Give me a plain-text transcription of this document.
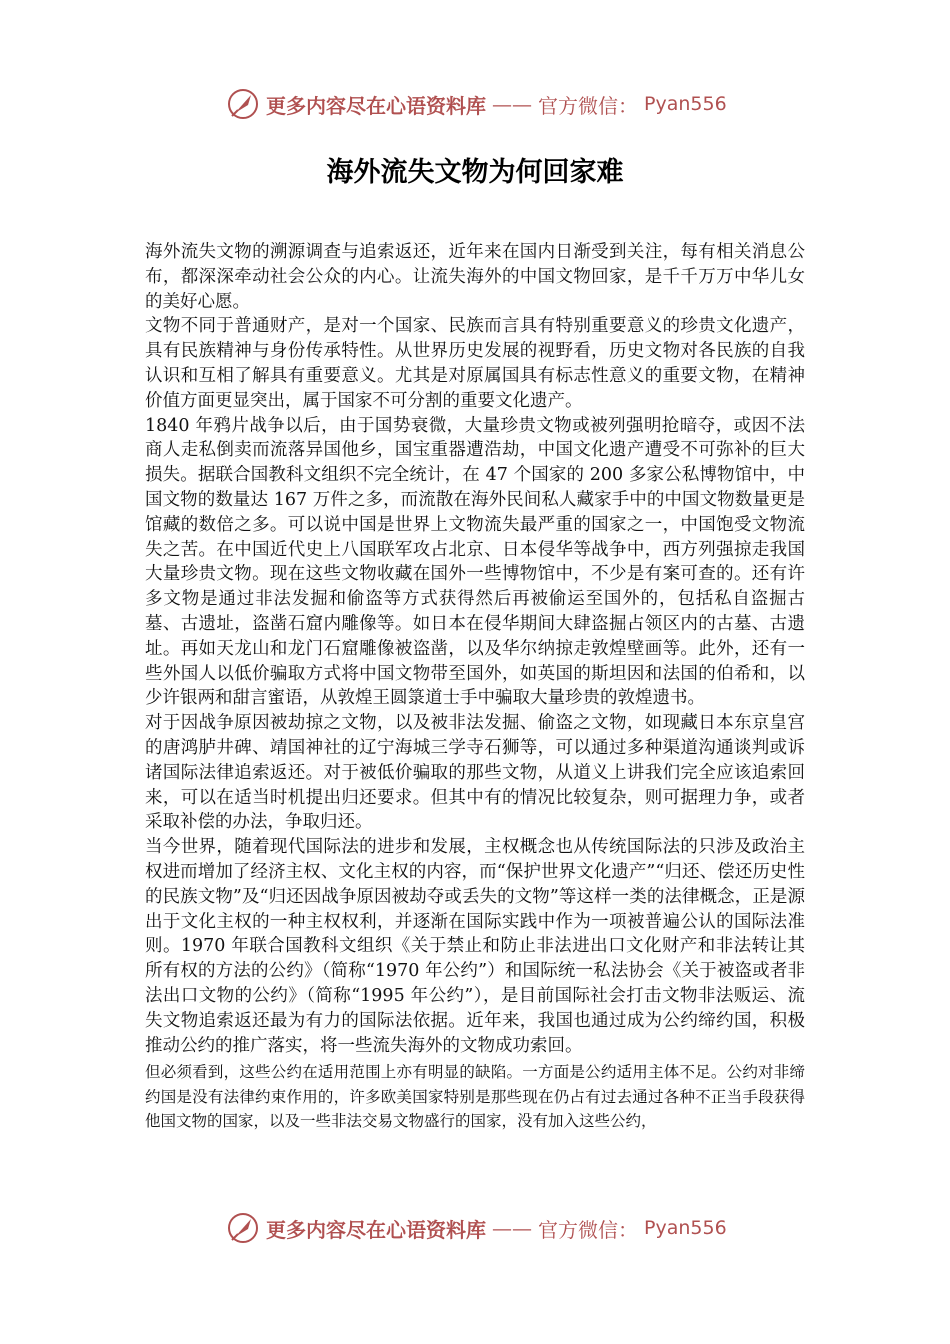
更多内容尽在心语资料库 —— 官方微信： Pyan556
海外流失文物为何回家难

海外流失文物的溯源调查与追索返还，近年来在国内日渐受到关注，每有相关消息公布，都深深牵动社会公众的内心。让流失海外的中国文物回家，是千千万万中华儿女的美好心愿。

文物不同于普通财产，是对一个国家、民族而言具有特别重要意义的珍贵文化遗产，具有民族精神与身份传承特性。从世界历史发展的视野看，历史文物对各民族的自我认识和互相了解具有重要意义。尤其是对原属国具有标志性意义的重要文物，在精神价值方面更显突出，属于国家不可分割的重要文化遗产。

1840 年鸦片战争以后，由于国势衰微，大量珍贵文物或被列强明抢暗夺，或因不法商人走私倒卖而流落异国他乡，国宝重器遭浩劫，中国文化遗产遭受不可弥补的巨大损失。据联合国教科文组织不完全统计，在 47 个国家的 200 多家公私博物馆中，中国文物的数量达 167 万件之多，而流散在海外民间私人藏家手中的中国文物数量更是馆藏的数倍之多。可以说中国是世界上文物流失最严重的国家之一，中国饱受文物流失之苦。在中国近代史上八国联军攻占北京、日本侵华等战争中，西方列强掠走我国大量珍贵文物。现在这些文物收藏在国外一些博物馆中，不少是有案可查的。还有许多文物是通过非法发掘和偷盗等方式获得然后再被偷运至国外的，包括私自盗掘古墓、古遗址，盗凿石窟内雕像等。如日本在侵华期间大肆盗掘占领区内的古墓、古遗址。再如天龙山和龙门石窟雕像被盗凿，以及华尔纳掠走敦煌壁画等。此外，还有一些外国人以低价骗取方式将中国文物带至国外，如英国的斯坦因和法国的伯希和，以少许银两和甜言蜜语，从敦煌王圆箓道士手中骗取大量珍贵的敦煌遗书。

对于因战争原因被劫掠之文物，以及被非法发掘、偷盗之文物，如现藏日本东京皇宫的唐鸿胪井碑、靖国神社的辽宁海城三学寺石狮等，可以通过多种渠道沟通谈判或诉诸国际法律追索返还。对于被低价骗取的那些文物，从道义上讲我们完全应该追索回来，可以在适当时机提出归还要求。但其中有的情况比较复杂，则可据理力争，或者采取补偿的办法，争取归还。

当今世界，随着现代国际法的进步和发展，主权概念也从传统国际法的只涉及政治主权进而增加了经济主权、文化主权的内容，而“保护世界文化遗产”“归还、偿还历史性的民族文物”及“归还因战争原因被劫夺或丢失的文物”等这样一类的法律概念，正是源出于文化主权的一种主权权利，并逐渐在国际实践中作为一项被普遍公认的国际法准则。1970 年联合国教科文组织《关于禁止和防止非法进出口文化财产和非法转让其所有权的方法的公约》（简称“1970 年公约”）和国际统一私法协会《关于被盗或者非法出口文物的公约》（简称“1995 年公约”），是目前国际社会打击文物非法贩运、流失文物追索返还最为有力的国际法依据。近年来，我国也通过成为公约缔约国，积极推动公约的推广落实，将一些流失海外的文物成功索回。

但必须看到，这些公约在适用范围上亦有明显的缺陷。一方面是公约适用主体不足。公约对非缔约国是没有法律约束作用的，许多欧美国家特别是那些现在仍占有过去通过各种不正当手段获得他国文物的国家，以及一些非法交易文物盛行的国家，没有加入这些公约，

更多内容尽在心语资料库 —— 官方微信： Pyan556
